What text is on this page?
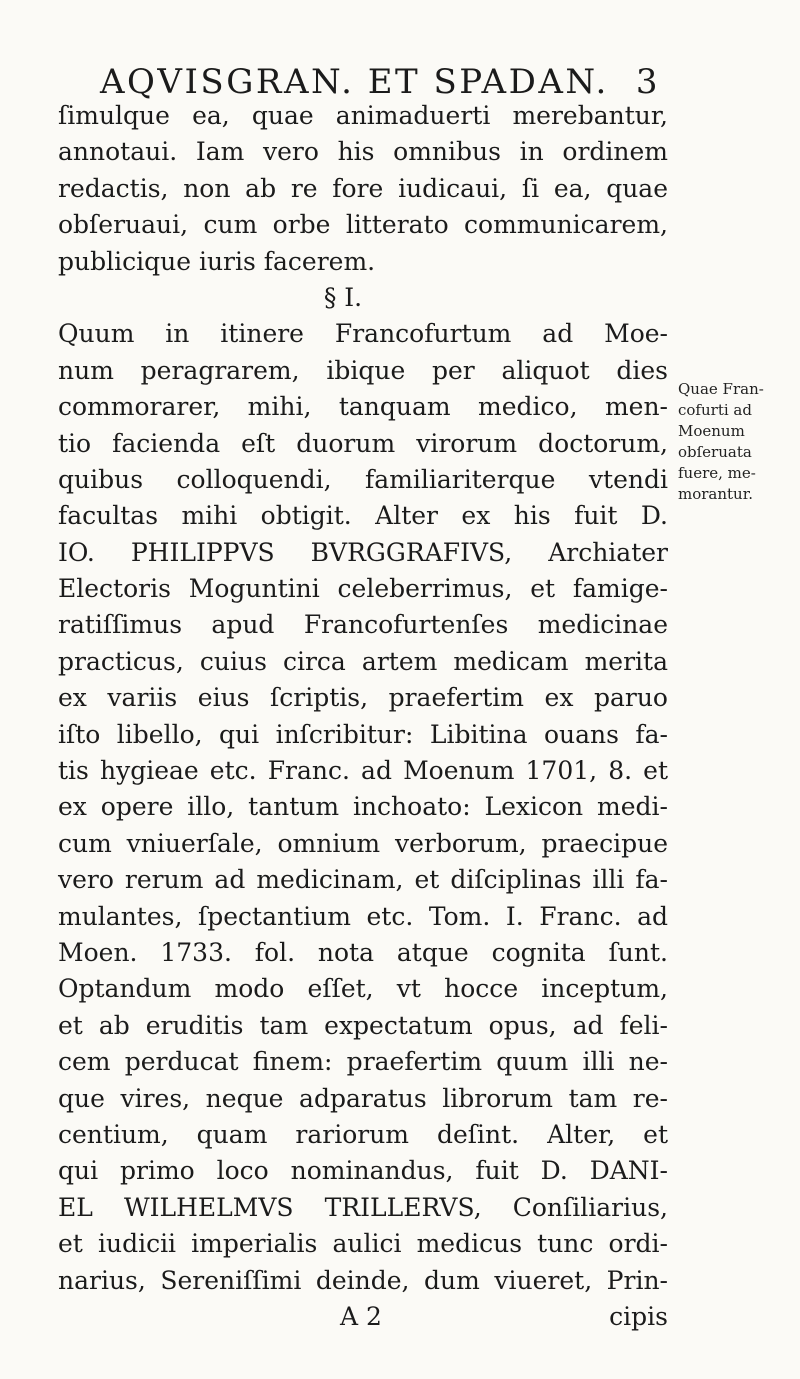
AQVISGRAN. ET SPADAN. 3
ſimulque ea, quae animaduerti merebantur,
annotaui. Iam vero his omnibus in ordinem
redactis, non ab re fore iudicaui, ſi ea, quae
obſeruaui, cum orbe litterato communicarem,
publicique iuris facerem.
§ I.
Quum in itinere Francofurtum ad Moe-
num peragrarem, ibique per aliquot dies
commorarer, mihi, tanquam medico, men-
tio facienda eſt duorum virorum doctorum,
quibus colloquendi, familiariterque vtendi
facultas mihi obtigit. Alter ex his fuit D.
IO. PHILIPPVS BVRGGRAFIVS, Archiater
Electoris Moguntini celeberrimus, et famige-
ratiſſimus apud Francofurtenſes medicinae
practicus, cuius circa artem medicam merita
ex variis eius ſcriptis, praefertim ex paruo
iſto libello, qui inſcribitur: Libitina ouans fa-
tis hygieae etc. Franc. ad Moenum 1701, 8. et
ex opere illo, tantum inchoato: Lexicon medi-
cum vniuerſale, omnium verborum, praecipue
vero rerum ad medicinam, et diſciplinas illi fa-
mulantes, ſpectantium etc. Tom. I. Franc. ad
Moen. 1733. fol. nota atque cognita ſunt.
Optandum modo eſſet, vt hocce inceptum,
et ab eruditis tam expectatum opus, ad feli-
cem perducat finem: praefertim quum illi ne-
que vires, neque adparatus librorum tam re-
centium, quam rariorum deſint. Alter, et
qui primo loco nominandus, fuit D. DANI-
EL WILHELMVS TRILLERVS, Conſiliarius,
et iudicii imperialis aulici medicus tunc ordi-
narius, Sereniſſimi deinde, dum viueret, Prin-
A 2	cipis
Quae Fran-
cofurti ad
Moenum
obſeruata
fuere, me-
morantur.
